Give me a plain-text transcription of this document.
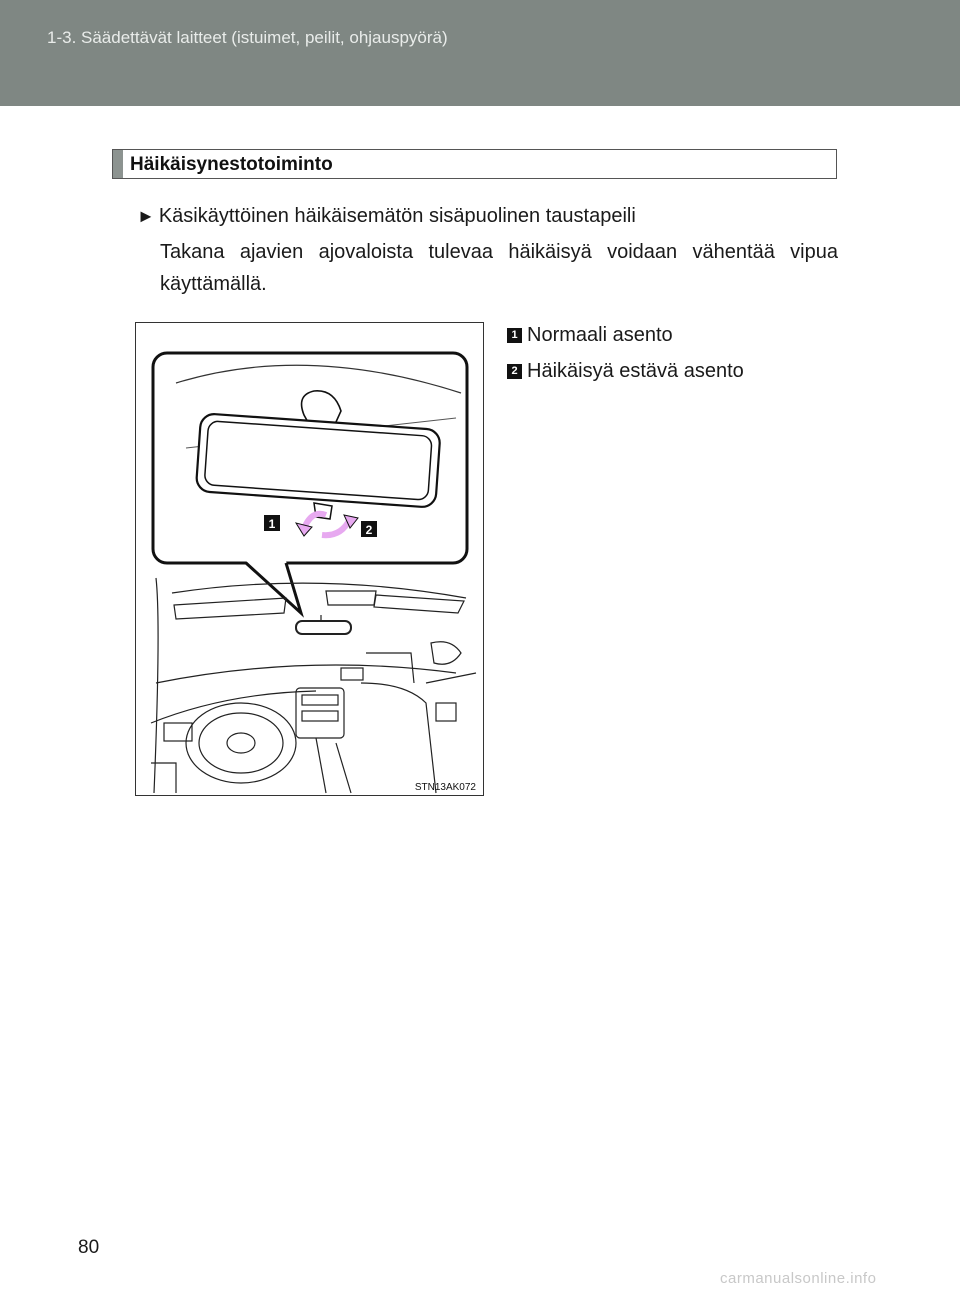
1-3. Säädettävät laitteet (istuimet, peilit, ohjauspyörä)
Häikäisynestotoiminto
► Käsikäyttöinen häikäisemätön sisäpuolinen taustapeili
Takana ajavien ajovaloista tulevaa häikäisyä voidaan vähentää vipua käyttämällä.
1	2
STN13AK072
1 Normaali asento
2 Häikäisyä estävä asento
80
carmanualsonline.info
